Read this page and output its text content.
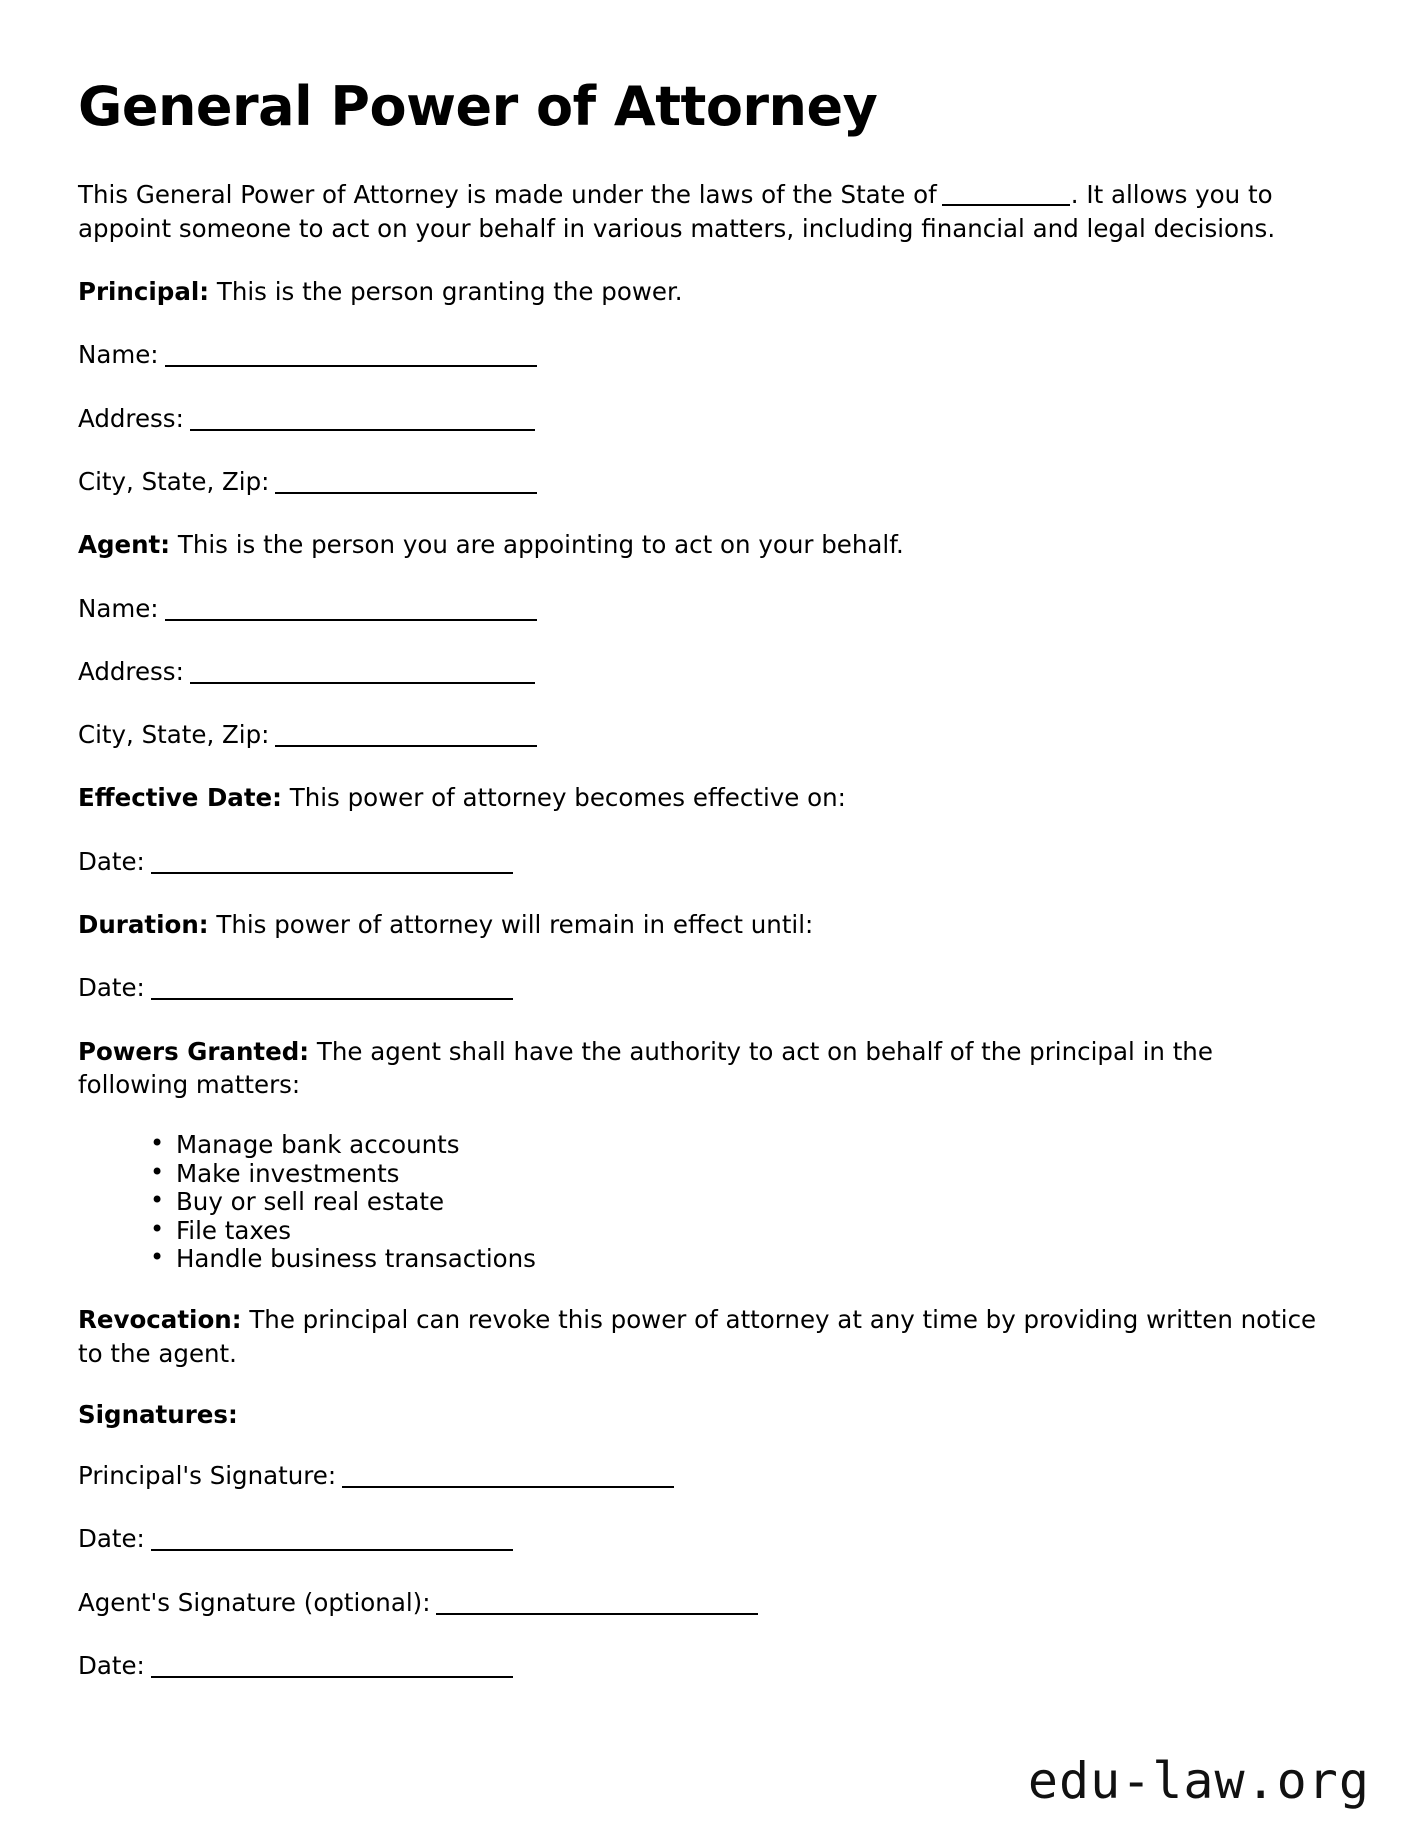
General Power of Attorney

This General Power of Attorney is made under the laws of the State of	. It allows you to appoint someone to act on your behalf in various matters, including financial and legal decisions.

Principal: This is the person granting the power.

Name:

Address:

City, State, Zip:

Agent: This is the person you are appointing to act on your behalf.

Name:

Address:

City, State, Zip:

Effective Date: This power of attorney becomes effective on:

Date:

Duration: This power of attorney will remain in effect until:

Date:

Powers Granted: The agent shall have the authority to act on behalf of the principal in the following matters:

• Manage bank accounts
• Make investments
• Buy or sell real estate
• File taxes
• Handle business transactions

Revocation: The principal can revoke this power of attorney at any time by providing written notice to the agent.

Signatures:

Principal's Signature:

Date:

Agent's Signature (optional):

Date:

edu-law.org
